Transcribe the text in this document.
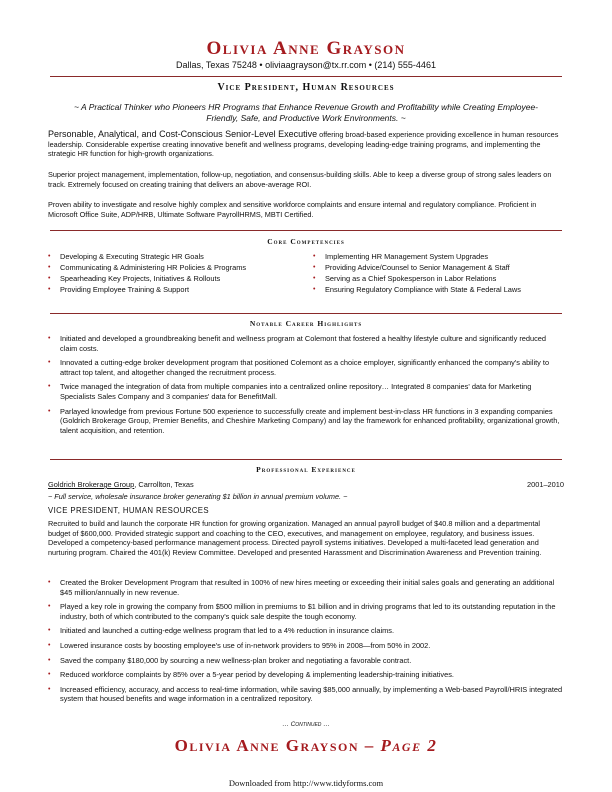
Olivia Anne Grayson
Dallas, Texas 75248 • oliviaagrayson@tx.rr.com • (214) 555-4461
Vice President, Human Resources
~ A Practical Thinker who Pioneers HR Programs that Enhance Revenue Growth and Profitability while Creating Employee-Friendly, Safe, and Productive Work Environments. ~
Personable, Analytical, and Cost-Conscious Senior-Level Executive offering broad-based experience providing excellence in human resources leadership. Considerable expertise creating innovative benefit and wellness programs, developing leading-edge training programs, and implementing the strategic HR function for high-growth organizations.
Superior project management, implementation, follow-up, negotiation, and consensus-building skills. Able to keep a diverse group of strong sales leaders on track. Extremely focused on creating training that delivers an above-average ROI.
Proven ability to investigate and resolve highly complex and sensitive workforce complaints and ensure internal and regulatory compliance. Proficient in Microsoft Office Suite, ADP/HRB, Ultimate Software PayrollHRMS, MBTI Certified.
Core Competencies
• Developing & Executing Strategic HR Goals
• Communicating & Administering HR Policies & Programs
• Spearheading Key Projects, Initiatives & Rollouts
• Providing Employee Training & Support
• Implementing HR Management System Upgrades
• Providing Advice/Counsel to Senior Management & Staff
• Serving as a Chief Spokesperson in Labor Relations
• Ensuring Regulatory Compliance with State & Federal Laws
Notable Career Highlights
• Initiated and developed a groundbreaking benefit and wellness program at Colemont that fostered a healthy lifestyle culture and significantly reduced claim costs.
• Innovated a cutting-edge broker development program that positioned Colemont as a choice employer, significantly enhanced the company's ability to attract top talent, and altogether changed the recruitment process.
• Twice managed the integration of data from multiple companies into a centralized online repository… Integrated 8 companies' data for Marketing Specialists Sales Company and 3 companies' data for BenefitMall.
• Parlayed knowledge from previous Fortune 500 experience to successfully create and implement best-in-class HR functions in 3 expanding companies (Goldrich Brokerage Group, Premier Benefits, and Cheshire Marketing Company) and lay the framework for enhanced profitability, organizational growth, talent acquisition, and retention.
Professional Experience
Goldrich Brokerage Group, Carrollton, Texas	2001–2010
~ Full service, wholesale insurance broker generating $1 billion in annual premium volume. ~
VICE PRESIDENT, HUMAN RESOURCES
Recruited to build and launch the corporate HR function for growing organization. Managed an annual payroll budget of $40.8 million and a departmental budget of $600,000. Provided strategic support and coaching to the CEO, executives, and management on employee, regulatory, and business issues. Developed a competency-based performance management process. Directed payroll systems initiatives. Developed a multi-faceted lead generation and nurturing program. Chaired the 401(k) Review Committee. Developed and presented Harassment and Discrimination Awareness and Prevention training.
• Created the Broker Development Program that resulted in 100% of new hires meeting or exceeding their initial sales goals and generating an additional $45 million/annually in new revenue.
• Played a key role in growing the company from $500 million in premiums to $1 billion and in driving programs that led to its outstanding reputation in the industry, both of which contributed to the company's quick sale despite the tough economy.
• Initiated and launched a cutting-edge wellness program that led to a 4% reduction in insurance claims.
• Lowered insurance costs by boosting employee's use of in-network providers to 95% in 2008—from 50% in 2002.
• Saved the company $180,000 by sourcing a new wellness-plan broker and negotiating a favorable contract.
• Reduced workforce complaints by 85% over a 5-year period by developing & implementing leadership-training initiatives.
• Increased efficiency, accuracy, and access to real-time information, while saving $85,000 annually, by implementing a Web-based Payroll/HRIS integrated system that housed benefits and wage information in a centralized repository.
… Continued …
Olivia Anne Grayson – Page 2
Downloaded from http://www.tidyforms.com
